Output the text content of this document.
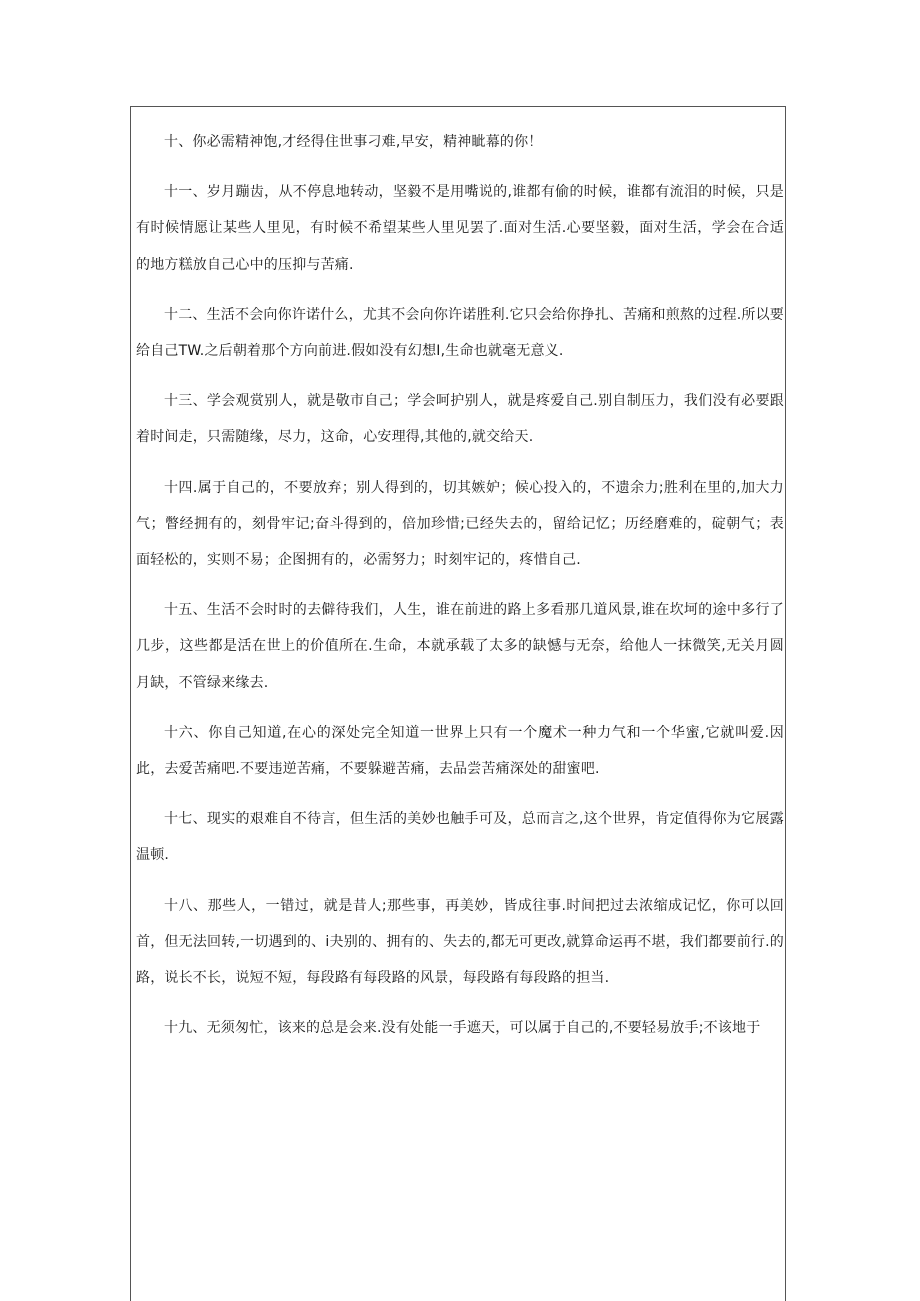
十、你必需精神饱,才经得住世事刁难,早安，精神眦幕的你！

十一、岁月蹦齿，从不停息地转动，坚毅不是用嘴说的,谁都有偷的时候，谁都有流泪的时候，只是有时候情愿让某些人里见，有时候不希望某些人里见罢了.面对生活.心要坚毅，面对生活，学会在合适的地方糕放自己心中的压抑与苦痛.

十二、生活不会向你许诺什么，尤其不会向你许诺胜利.它只会给你挣扎、苦痛和煎熬的过程.所以要给自己TW.之后朝着那个方向前进.假如没有幻想I,生命也就毫无意义.

十三、学会观赏别人，就是敬市自己；学会呵护别人，就是疼爱自己.别自制压力，我们没有必要跟着时间走，只需随缘，尽力，这命，心安理得,其他的,就交给天.

十四.属于自己的，不要放弃；别人得到的，切其嫉妒；候心投入的，不遗余力;胜利在里的,加大力气；瞥经拥有的，刻骨牢记;奋斗得到的，倍加珍惜;已经失去的，留给记忆；历经磨难的，碇朝气；表面轻松的，实则不易；企图拥有的，必需努力；时刻牢记的，疼惜自己.

十五、生活不会时时的去僻待我们，人生，谁在前进的路上多看那几道风景,谁在坎坷的途中多行了几步，这些都是活在世上的价值所在.生命，本就承载了太多的缺憾与无奈，给他人一抹微笑,无关月圆月缺，不管绿来缘去.

十六、你自己知道,在心的深处完全知道一世界上只有一个魔术一种力气和一个华蜜,它就叫爱.因此，去爱苦痛吧.不要违逆苦痛，不要躲避苦痛，去品尝苦痛深处的甜蜜吧.

十七、现实的艰难自不待言，但生活的美妙也触手可及，总而言之,这个世界，肯定值得你为它展露温顿.

十八、那些人，一错过，就是昔人;那些事，再美妙，皆成往事.时间把过去浓缩成记忆，你可以回首，但无法回转,一切遇到的、i夬别的、拥有的、失去的,都无可更改,就算命运再不堪，我们都要前行.的路，说长不长，说短不短，每段路有每段路的风景，每段路有每段路的担当.

十九、无须匆忙，该来的总是会来.没有处能一手遮天，可以属于自己的,不要轻易放手;不该地于
